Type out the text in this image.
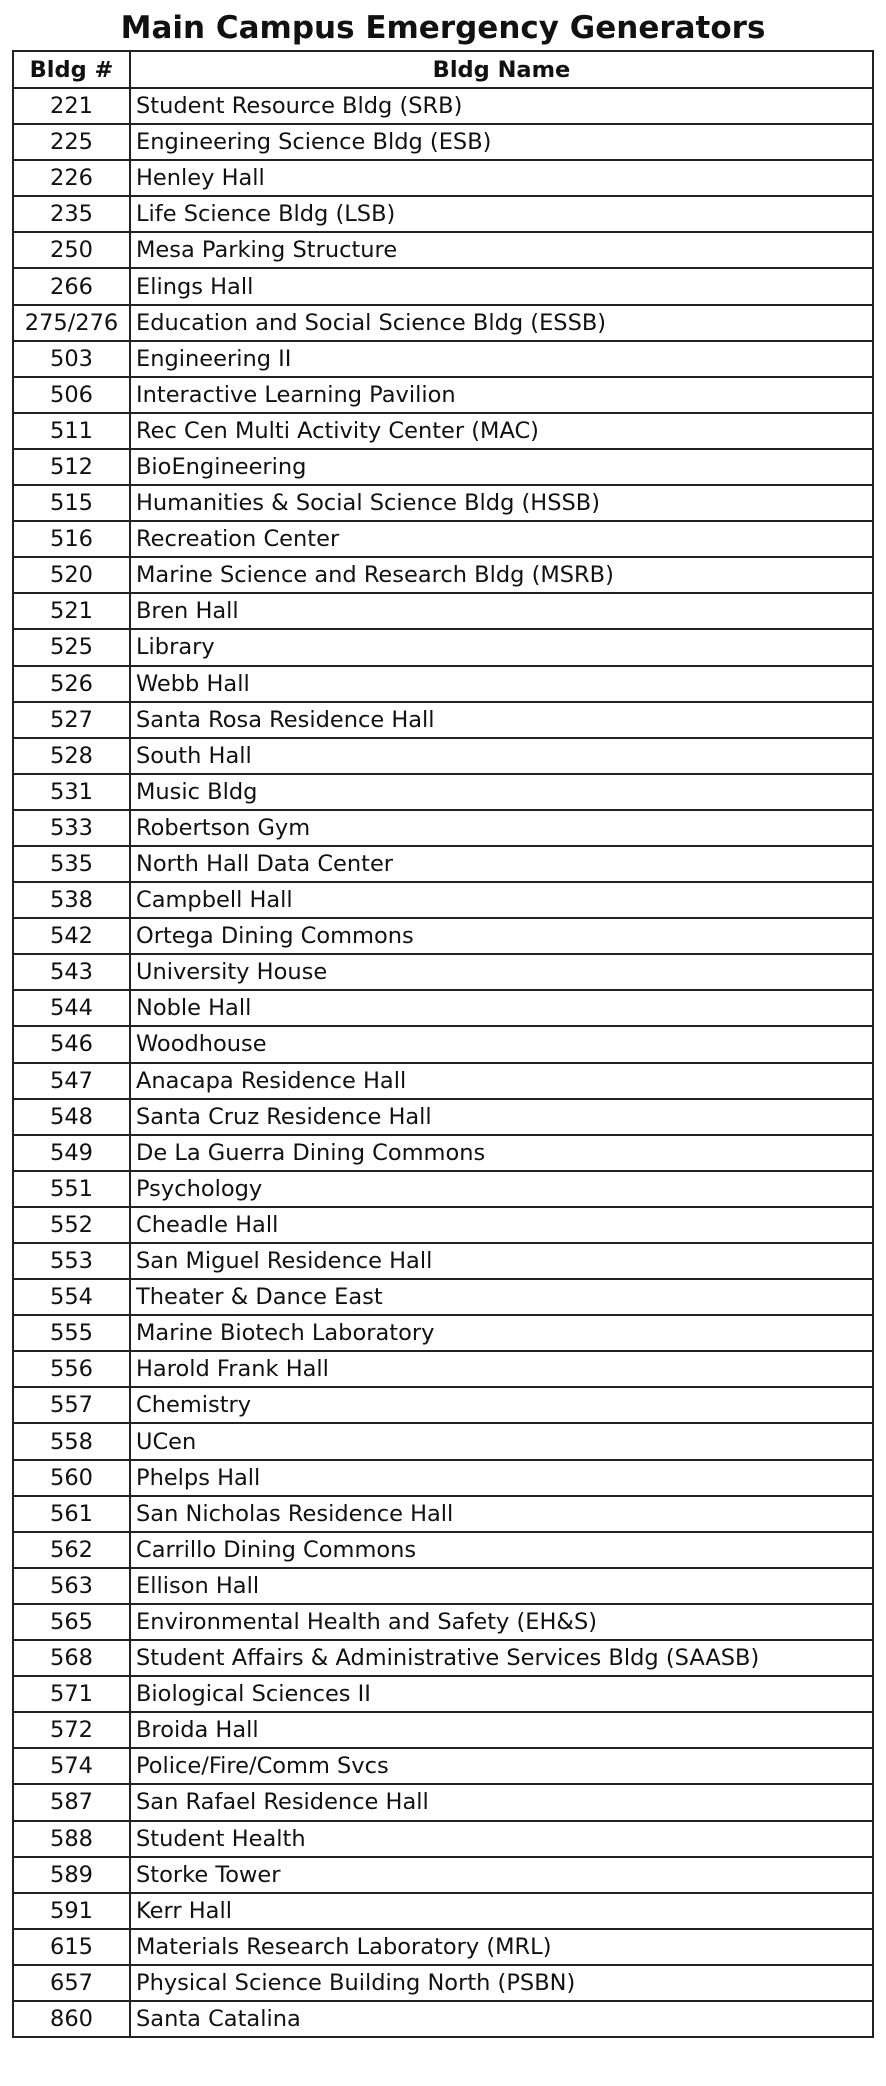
Main Campus Emergency Generators
Bldg #	Bldg Name
221	Student Resource Bldg (SRB)
225	Engineering Science Bldg (ESB)
226	Henley Hall
235	Life Science Bldg (LSB)
250	Mesa Parking Structure
266	Elings Hall
275/276	Education and Social Science Bldg (ESSB)
503	Engineering II
506	Interactive Learning Pavilion
511	Rec Cen Multi Activity Center (MAC)
512	BioEngineering
515	Humanities & Social Science Bldg (HSSB)
516	Recreation Center
520	Marine Science and Research Bldg (MSRB)
521	Bren Hall
525	Library
526	Webb Hall
527	Santa Rosa Residence Hall
528	South Hall
531	Music Bldg
533	Robertson Gym
535	North Hall Data Center
538	Campbell Hall
542	Ortega Dining Commons
543	University House
544	Noble Hall
546	Woodhouse
547	Anacapa Residence Hall
548	Santa Cruz Residence Hall
549	De La Guerra Dining Commons
551	Psychology
552	Cheadle Hall
553	San Miguel Residence Hall
554	Theater & Dance East
555	Marine Biotech Laboratory
556	Harold Frank Hall
557	Chemistry
558	UCen
560	Phelps Hall
561	San Nicholas Residence Hall
562	Carrillo Dining Commons
563	Ellison Hall
565	Environmental Health and Safety (EH&S)
568	Student Affairs & Administrative Services Bldg (SAASB)
571	Biological Sciences II
572	Broida Hall
574	Police/Fire/Comm Svcs
587	San Rafael Residence Hall
588	Student Health
589	Storke Tower
591	Kerr Hall
615	Materials Research Laboratory (MRL)
657	Physical Science Building North (PSBN)
860	Santa Catalina
